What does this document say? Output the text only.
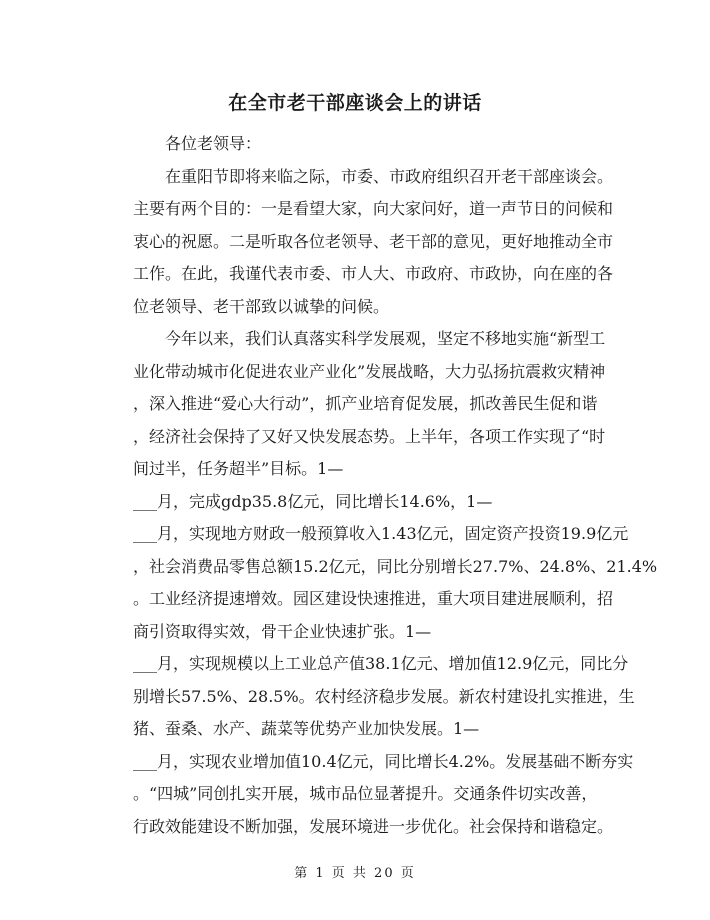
在全市老干部座谈会上的讲话

各位老领导：

在重阳节即将来临之际，市委、市政府组织召开老干部座谈会。

主要有两个目的：一是看望大家，向大家问好，道一声节日的问候和

衷心的祝愿。二是听取各位老领导、老干部的意见，更好地推动全市

工作。在此，我谨代表市委、市人大、市政府、市政协，向在座的各

位老领导、老干部致以诚挚的问候。

今年以来，我们认真落实科学发展观，坚定不移地实施“新型工

业化带动城市化促进农业产业化”发展战略，大力弘扬抗震救灾精神

，深入推进“爱心大行动”，抓产业培育促发展，抓改善民生促和谐

，经济社会保持了又好又快发展态势。上半年，各项工作实现了“时

间过半，任务超半”目标。1—

___月，完成gdp35.8亿元，同比增长14.6%，1—

___月，实现地方财政一般预算收入1.43亿元，固定资产投资19.9亿元

，社会消费品零售总额15.2亿元，同比分别增长27.7%、24.8%、21.4%

。工业经济提速增效。园区建设快速推进，重大项目建进展顺利，招

商引资取得实效，骨干企业快速扩张。1—

___月，实现规模以上工业总产值38.1亿元、增加值12.9亿元，同比分

别增长57.5%、28.5%。农村经济稳步发展。新农村建设扎实推进，生

猪、蚕桑、水产、蔬菜等优势产业加快发展。1—

___月，实现农业增加值10.4亿元，同比增长4.2%。发展基础不断夯实

。“四城”同创扎实开展，城市品位显著提升。交通条件切实改善，

行政效能建设不断加强，发展环境进一步优化。社会保持和谐稳定。

第 1 页 共 20 页
